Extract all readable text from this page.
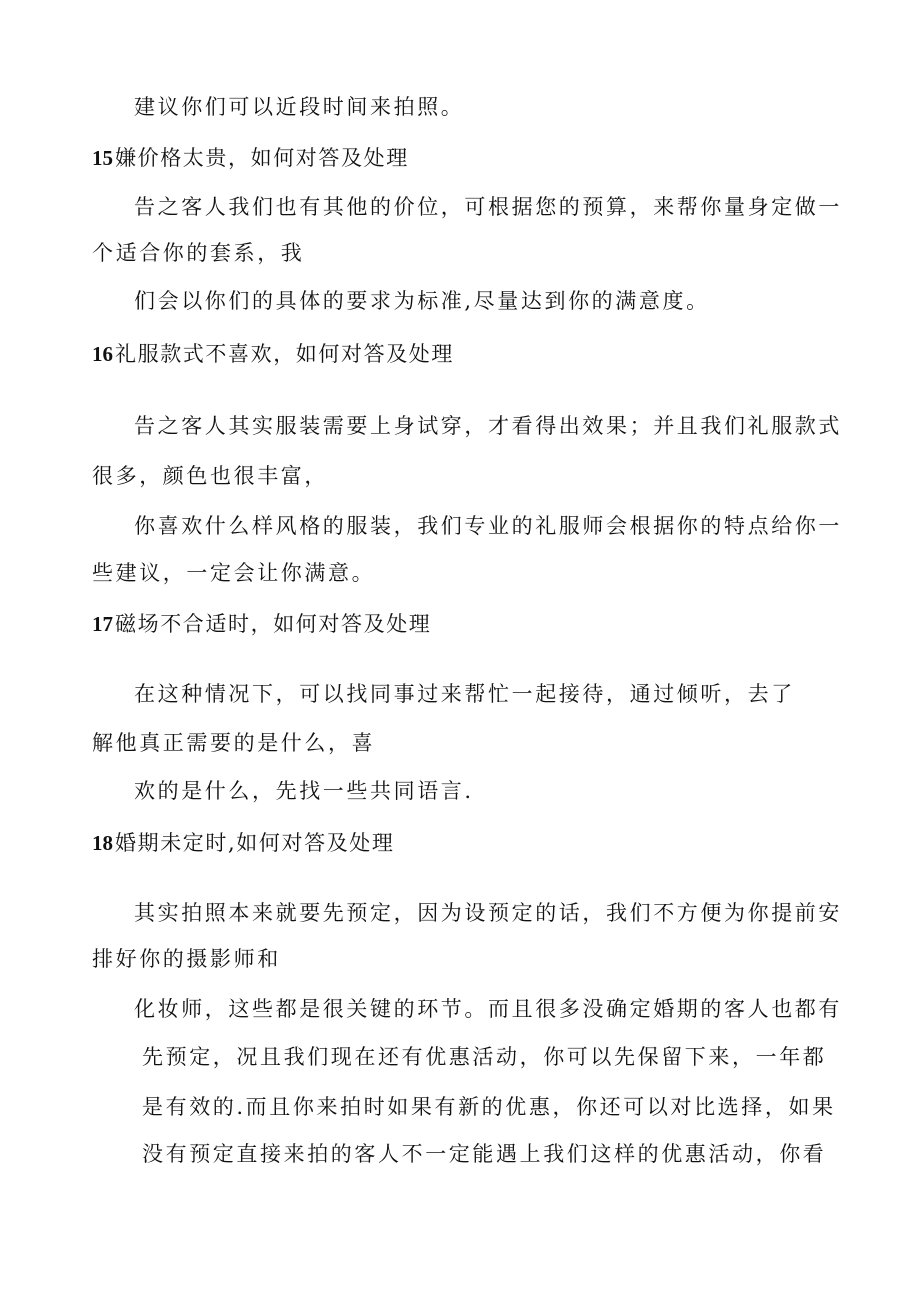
建议你们可以近段时间来拍照。
15嫌价格太贵，如何对答及处理
告之客人我们也有其他的价位，可根据您的预算，来帮你量身定做一
个适合你的套系，我
们会以你们的具体的要求为标准,尽量达到你的满意度。
16礼服款式不喜欢，如何对答及处理
告之客人其实服装需要上身试穿，才看得出效果；并且我们礼服款式
很多，颜色也很丰富，
你喜欢什么样风格的服装，我们专业的礼服师会根据你的特点给你一
些建议，一定会让你满意。
17磁场不合适时，如何对答及处理
在这种情况下，可以找同事过来帮忙一起接待，通过倾听，去了
解他真正需要的是什么，喜
欢的是什么，先找一些共同语言.
18婚期未定时,如何对答及处理
其实拍照本来就要先预定，因为设预定的话，我们不方便为你提前安
排好你的摄影师和
化妆师，这些都是很关键的环节。而且很多没确定婚期的客人也都有
先预定，况且我们现在还有优惠活动，你可以先保留下来，一年都
是有效的.而且你来拍时如果有新的优惠，你还可以对比选择，如果
没有预定直接来拍的客人不一定能遇上我们这样的优惠活动，你看
